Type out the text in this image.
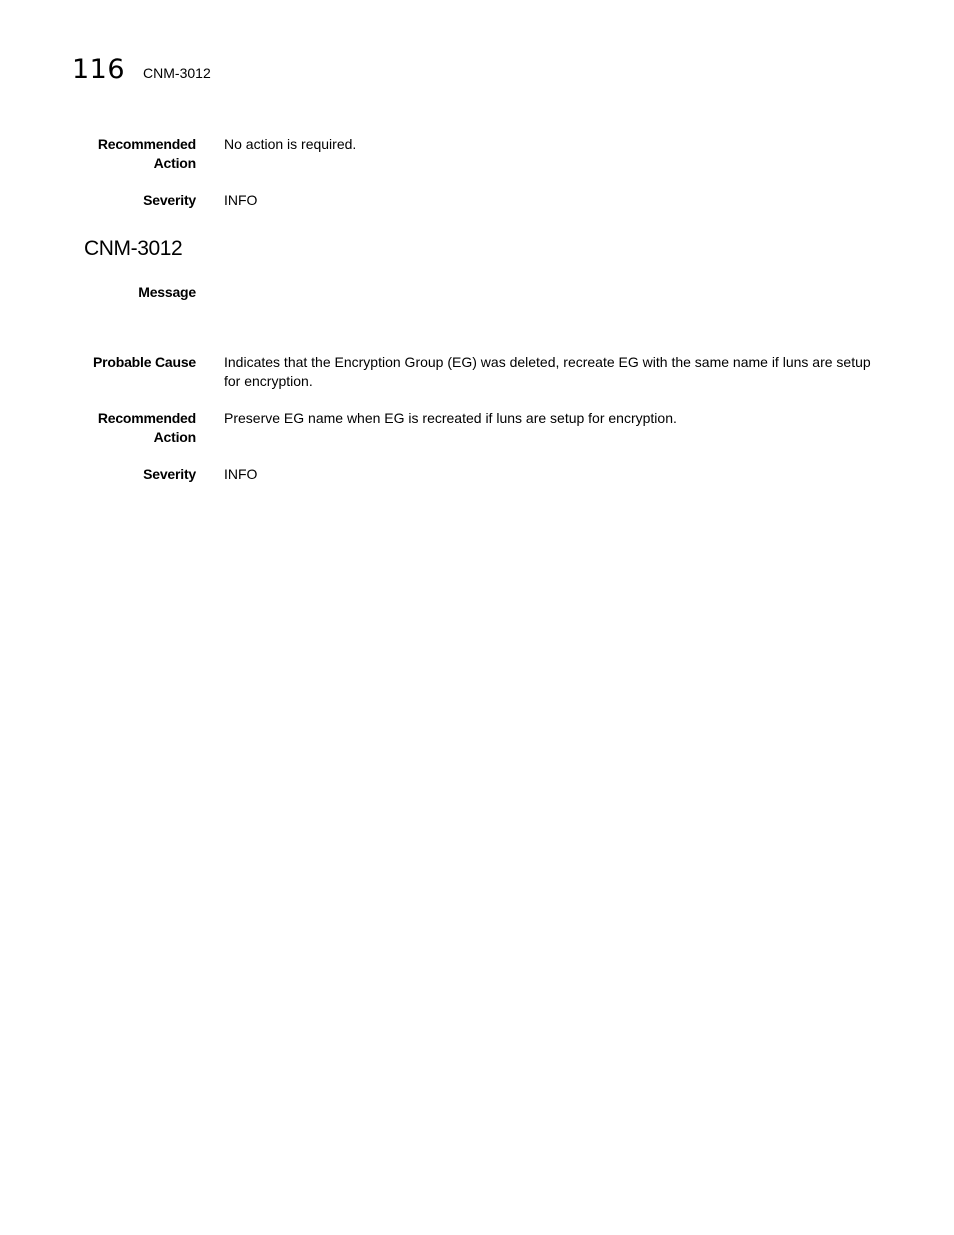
116 CNM-3012
Recommended
Action
No action is required.
Severity INFO
CNM-3012
Message
Probable Cause Indicates that the Encryption Group (EG) was deleted, recreate EG with the same name if luns are setup for encryption.
Recommended
Action
Preserve EG name when EG is recreated if luns are setup for encryption.
Severity INFO
